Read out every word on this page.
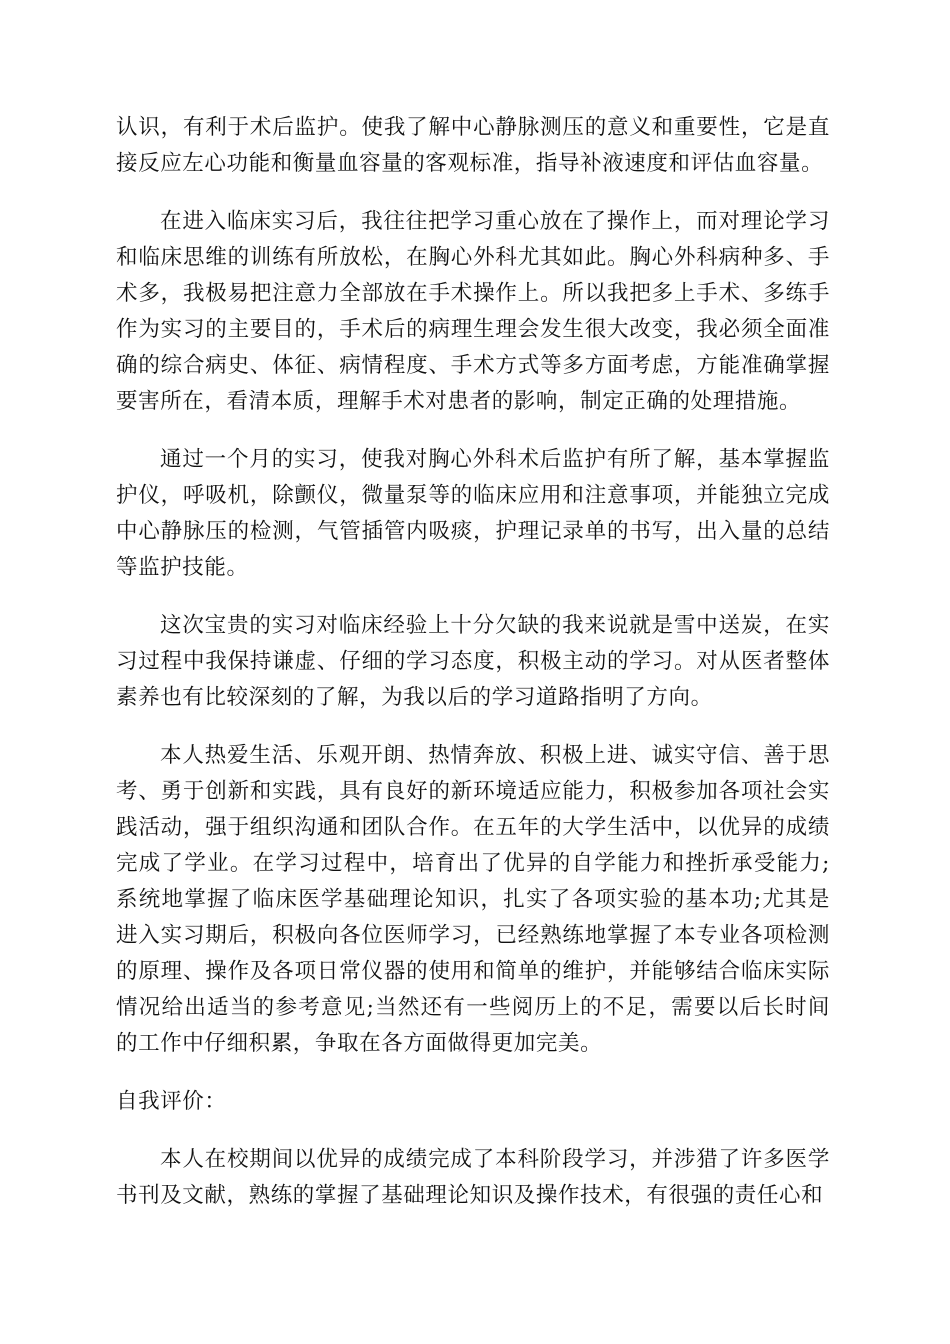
认识，有利于术后监护。使我了解中心静脉测压的意义和重要性，它是直接反应左心功能和衡量血容量的客观标准，指导补液速度和评估血容量。

在进入临床实习后，我往往把学习重心放在了操作上，而对理论学习和临床思维的训练有所放松，在胸心外科尤其如此。胸心外科病种多、手术多，我极易把注意力全部放在手术操作上。所以我把多上手术、多练手作为实习的主要目的，手术后的病理生理会发生很大改变，我必须全面准确的综合病史、体征、病情程度、手术方式等多方面考虑，方能准确掌握要害所在，看清本质，理解手术对患者的影响，制定正确的处理措施。

通过一个月的实习，使我对胸心外科术后监护有所了解，基本掌握监护仪，呼吸机，除颤仪，微量泵等的临床应用和注意事项，并能独立完成中心静脉压的检测，气管插管内吸痰，护理记录单的书写，出入量的总结等监护技能。

这次宝贵的实习对临床经验上十分欠缺的我来说就是雪中送炭，在实习过程中我保持谦虚、仔细的学习态度，积极主动的学习。对从医者整体素养也有比较深刻的了解，为我以后的学习道路指明了方向。

本人热爱生活、乐观开朗、热情奔放、积极上进、诚实守信、善于思考、勇于创新和实践，具有良好的新环境适应能力，积极参加各项社会实践活动，强于组织沟通和团队合作。在五年的大学生活中，以优异的成绩完成了学业。在学习过程中，培育出了优异的自学能力和挫折承受能力;系统地掌握了临床医学基础理论知识，扎实了各项实验的基本功;尤其是进入实习期后，积极向各位医师学习，已经熟练地掌握了本专业各项检测的原理、操作及各项日常仪器的使用和简单的维护，并能够结合临床实际情况给出适当的参考意见;当然还有一些阅历上的不足，需要以后长时间的工作中仔细积累，争取在各方面做得更加完美。

自我评价：

本人在校期间以优异的成绩完成了本科阶段学习，并涉猎了许多医学书刊及文献，熟练的掌握了基础理论知识及操作技术，有很强的责任心和
